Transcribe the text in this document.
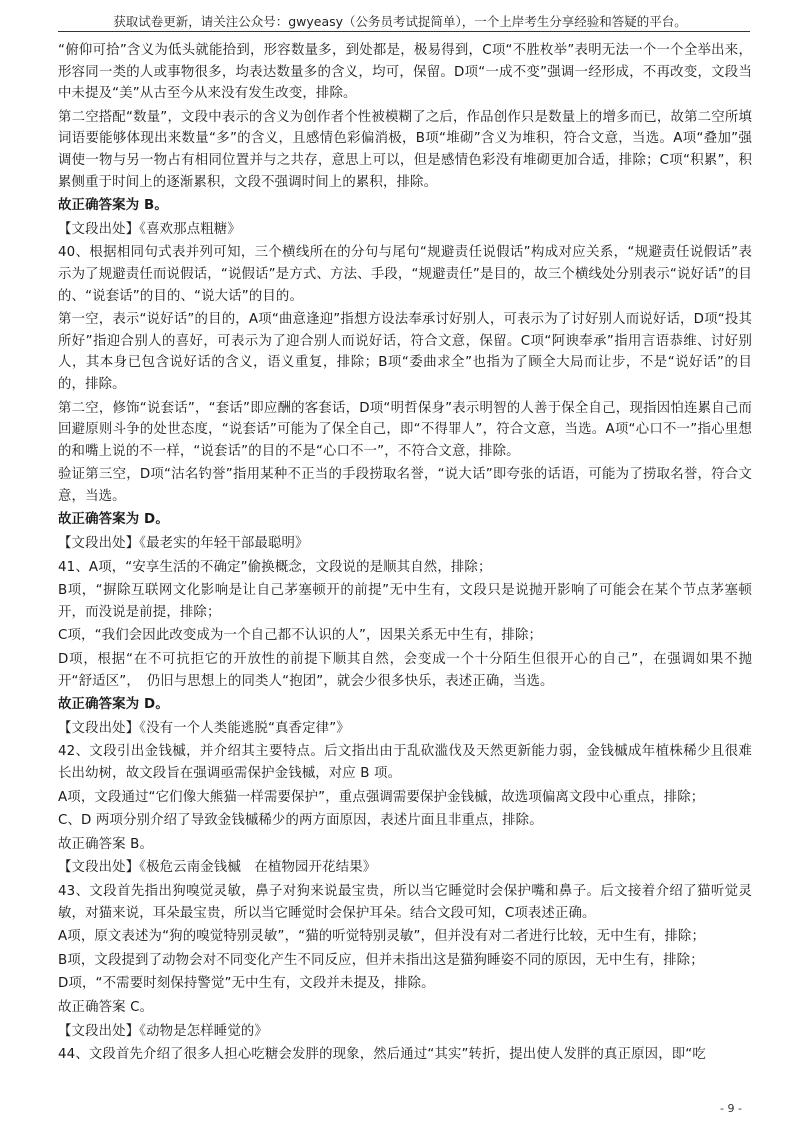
获取试卷更新，请关注公众号：gwyeasy（公务员考试捉简单），一个上岸考生分享经验和答疑的平台。

“俯仰可拾”含义为低头就能拾到，形容数量多，到处都是，极易得到，C项“不胜枚举”表明无法一个一个全举出来，形容同一类的人或事物很多，均表达数量多的含义，均可，保留。D项“一成不变”强调一经形成，不再改变，文段当中未提及“美”从古至今从来没有发生改变，排除。

第二空搭配“数量”，文段中表示的含义为创作者个性被模糊了之后，作品创作只是数量上的增多而已，故第二空所填词语要能够体现出来数量“多”的含义，且感情色彩偏消极，B项“堆砌”含义为堆积，符合文意，当选。A项“叠加”强调使一物与另一物占有相同位置并与之共存，意思上可以，但是感情色彩没有堆砌更加合适，排除；C项“积累”，积累侧重于时间上的逐渐累积，文段不强调时间上的累积，排除。

故正确答案为 B。

【文段出处】《喜欢那点粗糖》

40、根据相同句式表并列可知，三个横线所在的分句与尾句“规避责任说假话”构成对应关系，“规避责任说假话”表示为了规避责任而说假话，“说假话”是方式、方法、手段，“规避责任”是目的，故三个横线处分别表示“说好话”的目的、“说套话”的目的、“说大话”的目的。

第一空，表示“说好话”的目的，A项“曲意逢迎”指想方设法奉承讨好别人，可表示为了讨好别人而说好话，D项“投其所好”指迎合别人的喜好，可表示为了迎合别人而说好话，符合文意，保留。C项“阿谀奉承”指用言语恭维、讨好别人，其本身已包含说好话的含义，语义重复，排除；B项“委曲求全”也指为了顾全大局而让步，不是“说好话”的目的，排除。

第二空，修饰“说套话”，“套话”即应酬的客套话，D项“明哲保身”表示明智的人善于保全自己，现指因怕连累自己而回避原则斗争的处世态度，“说套话”可能为了保全自己，即“不得罪人”，符合文意，当选。A项“心口不一”指心里想的和嘴上说的不一样，“说套话”的目的不是“心口不一”，不符合文意，排除。

验证第三空，D项“沽名钓誉”指用某种不正当的手段捞取名誉，“说大话”即夸张的话语，可能为了捞取名誉，符合文意，当选。

故正确答案为 D。

【文段出处】《最老实的年轻干部最聪明》

41、A项，“安享生活的不确定”偷换概念，文段说的是顺其自然，排除；

B项，“摒除互联网文化影响是让自己茅塞顿开的前提”无中生有，文段只是说抛开影响了可能会在某个节点茅塞顿开，而没说是前提，排除；

C项，“我们会因此改变成为一个自己都不认识的人”，因果关系无中生有，排除；

D项，根据“在不可抗拒它的开放性的前提下顺其自然，会变成一个十分陌生但很开心的自己”，在强调如果不抛开“舒适区”，　仍旧与思想上的同类人“抱团”，就会少很多快乐，表述正确，当选。

故正确答案为 D。

【文段出处】《没有一个人类能逃脱“真香定律”》

42、文段引出金钱槭，并介绍其主要特点。后文指出由于乱砍滥伐及天然更新能力弱，金钱槭成年植株稀少且很难长出幼树，故文段旨在强调亟需保护金钱槭，对应 B 项。

A项，文段通过“它们像大熊猫一样需要保护”，重点强调需要保护金钱槭，故选项偏离文段中心重点，排除；

C、D 两项分别介绍了导致金钱槭稀少的两方面原因，表述片面且非重点，排除。

故正确答案 B。

【文段出处】《极危云南金钱槭　在植物园开花结果》

43、文段首先指出狗嗅觉灵敏，鼻子对狗来说最宝贵，所以当它睡觉时会保护嘴和鼻子。后文接着介绍了猫听觉灵敏，对猫来说，耳朵最宝贵，所以当它睡觉时会保护耳朵。结合文段可知，C项表述正确。

A项，原文表述为“狗的嗅觉特别灵敏”，“猫的听觉特别灵敏”，但并没有对二者进行比较，无中生有，排除；

B项，文段提到了动物会对不同变化产生不同反应，但并未指出这是猫狗睡姿不同的原因，无中生有，排除；

D项，“不需要时刻保持警觉”无中生有，文段并未提及，排除。

故正确答案 C。

【文段出处】《动物是怎样睡觉的》

44、文段首先介绍了很多人担心吃糖会发胖的现象，然后通过“其实”转折，提出使人发胖的真正原因，即“吃

- 9 -
